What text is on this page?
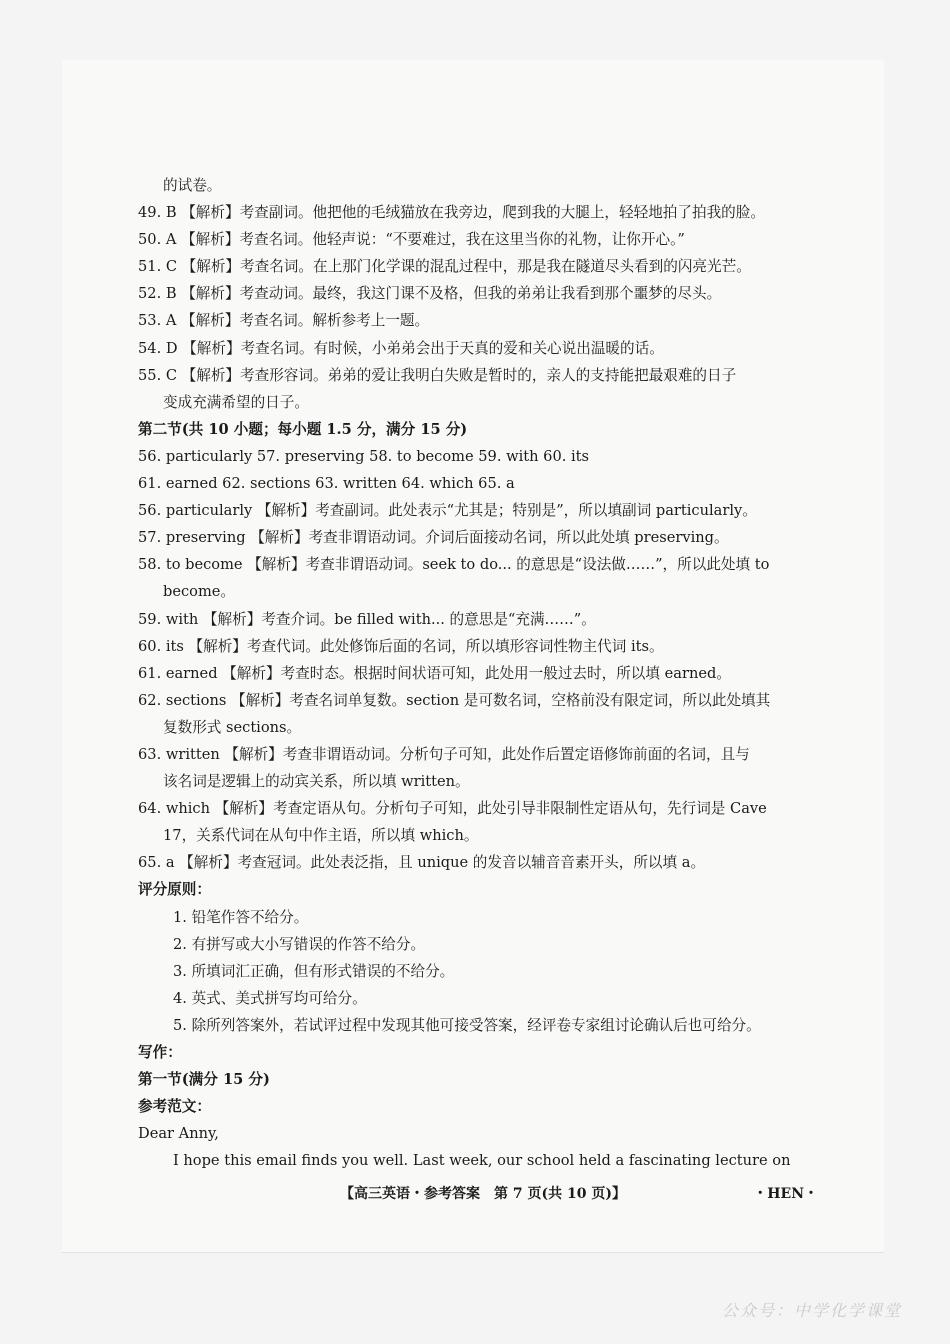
的试卷。
49. B 【解析】考查副词。他把他的毛绒猫放在我旁边，爬到我的大腿上，轻轻地拍了拍我的脸。
50. A 【解析】考查名词。他轻声说：“不要难过，我在这里当你的礼物，让你开心。”
51. C 【解析】考查名词。在上那门化学课的混乱过程中，那是我在隧道尽头看到的闪亮光芒。
52. B 【解析】考查动词。最终，我这门课不及格，但我的弟弟让我看到那个噩梦的尽头。
53. A 【解析】考查名词。解析参考上一题。
54. D 【解析】考查名词。有时候，小弟弟会出于天真的爱和关心说出温暖的话。
55. C 【解析】考查形容词。弟弟的爱让我明白失败是暂时的，亲人的支持能把最艰难的日子
变成充满希望的日子。
第二节(共 10 小题；每小题 1.5 分，满分 15 分)
56. particularly 57. preserving 58. to become 59. with 60. its
61. earned 62. sections 63. written 64. which 65. a
56. particularly 【解析】考查副词。此处表示“尤其是；特别是”，所以填副词 particularly。
57. preserving 【解析】考查非谓语动词。介词后面接动名词，所以此处填 preserving。
58. to become 【解析】考查非谓语动词。seek to do... 的意思是“设法做……”，所以此处填 to
become。
59. with 【解析】考查介词。be filled with... 的意思是“充满……”。
60. its 【解析】考查代词。此处修饰后面的名词，所以填形容词性物主代词 its。
61. earned 【解析】考查时态。根据时间状语可知，此处用一般过去时，所以填 earned。
62. sections 【解析】考查名词单复数。section 是可数名词，空格前没有限定词，所以此处填其
复数形式 sections。
63. written 【解析】考查非谓语动词。分析句子可知，此处作后置定语修饰前面的名词，且与
该名词是逻辑上的动宾关系，所以填 written。
64. which 【解析】考查定语从句。分析句子可知，此处引导非限制性定语从句，先行词是 Cave
17，关系代词在从句中作主语，所以填 which。
65. a 【解析】考查冠词。此处表泛指，且 unique 的发音以辅音音素开头，所以填 a。
评分原则：
1. 铅笔作答不给分。
2. 有拼写或大小写错误的作答不给分。
3. 所填词汇正确，但有形式错误的不给分。
4. 英式、美式拼写均可给分。
5. 除所列答案外，若试评过程中发现其他可接受答案，经评卷专家组讨论确认后也可给分。
写作：
第一节(满分 15 分)
参考范文：
Dear Anny,
I hope this email finds you well. Last week, our school held a fascinating lecture on
【高三英语・参考答案　第 7 页(共 10 页)】	・HEN・
公众号：中学化学课堂
